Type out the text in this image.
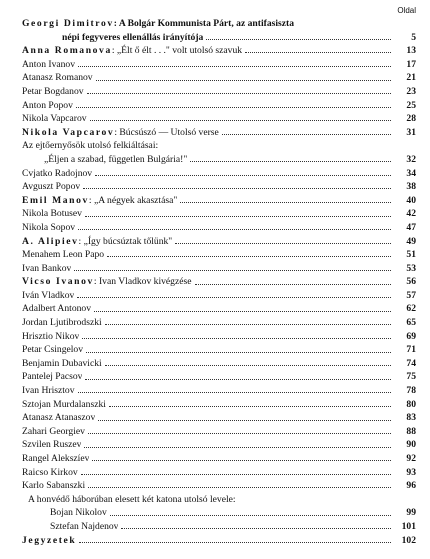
Oldal
Georgi Dimitrov: A Bolgár Kommunista Párt, az antifasiszta
népi fegyveres ellenállás irányítója	5
Anna Romanova: „Élt ő élt . . ." volt utolsó szavuk	13
Anton Ivanov	17
Atanasz Romanov	21
Petar Bogdanov	23
Anton Popov	25
Nikola Vapcarov	28
Nikola Vapcarov: Búcsúszó — Utolsó verse	31
Az ejtőernyősök utolsó felkiáltásai:
„Éljen a szabad, független Bulgária!"	32
Cvjatko Radojnov	34
Avguszt Popov	38
Emil Manov: „A négyek akasztása"	40
Nikola Botusev	42
Nikola Sopov	47
A. Alipiev: „Így búcsúztak tőlünk"	49
Menahem Leon Papo	51
Ivan Bankov	53
Vicso Ivanov: Ivan Vladkov kivégzése	56
Iván Vladkov	57
Adalbert Antonov	62
Jordan Ljutibrodszki	65
Hrisztio Nikov	69
Petar Csingelov	71
Benjamin Dubavicki	74
Pantelej Pacsov	75
Ivan Hrisztov	78
Sztojan Murdalanszki	80
Atanasz Atanaszov	83
Zahari Georgiev	88
Szvilen Ruszev	90
Rangel Alekszíev	92
Raicso Kirkov	93
Karlo Sabanszki	96
A honvédő háborúban elesett két katona utolsó levele:
Bojan Nikolov	99
Sztefan Najdenov	101
Jegyzetek	102
